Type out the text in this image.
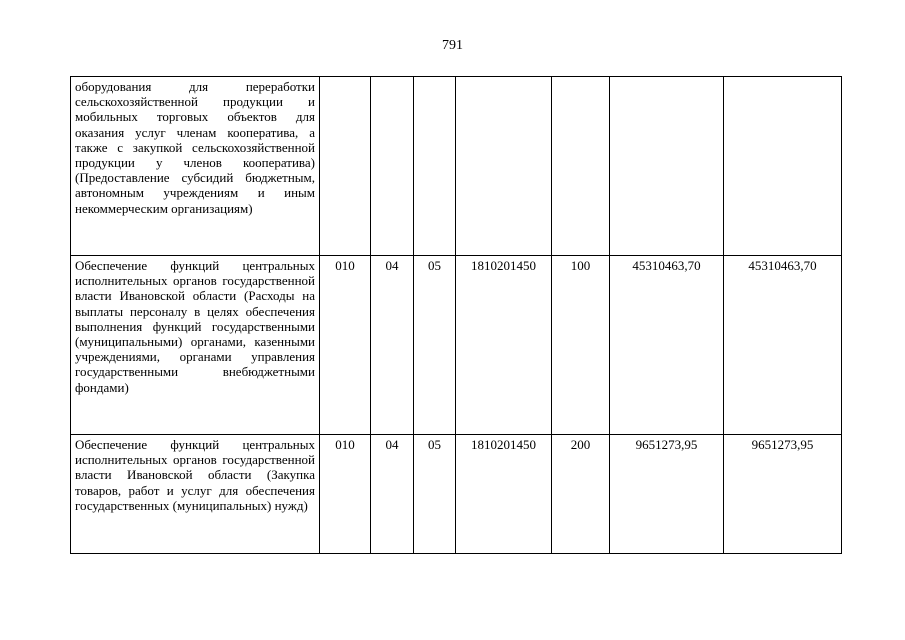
791
оборудования для переработки сельскохозяйственной продукции и мобильных торговых объектов для оказания услуг членам кооператива, а также с закупкой сельскохозяйственной продукции у членов кооператива) (Предоставление субсидий бюджетным, автономным учреждениям и иным некоммерческим организациям)							
Обеспечение функций центральных исполнительных органов государственной власти Ивановской области (Расходы на выплаты персоналу в целях обеспечения выполнения функций государственными (муниципальными) органами, казенными учреждениями, органами управления государственными внебюджетными фондами)	010	04	05	1810201450	100	45310463,70	45310463,70
Обеспечение функций центральных исполнительных органов государственной власти Ивановской области (Закупка товаров, работ и услуг для обеспечения государственных (муниципальных) нужд)	010	04	05	1810201450	200	9651273,95	9651273,95
